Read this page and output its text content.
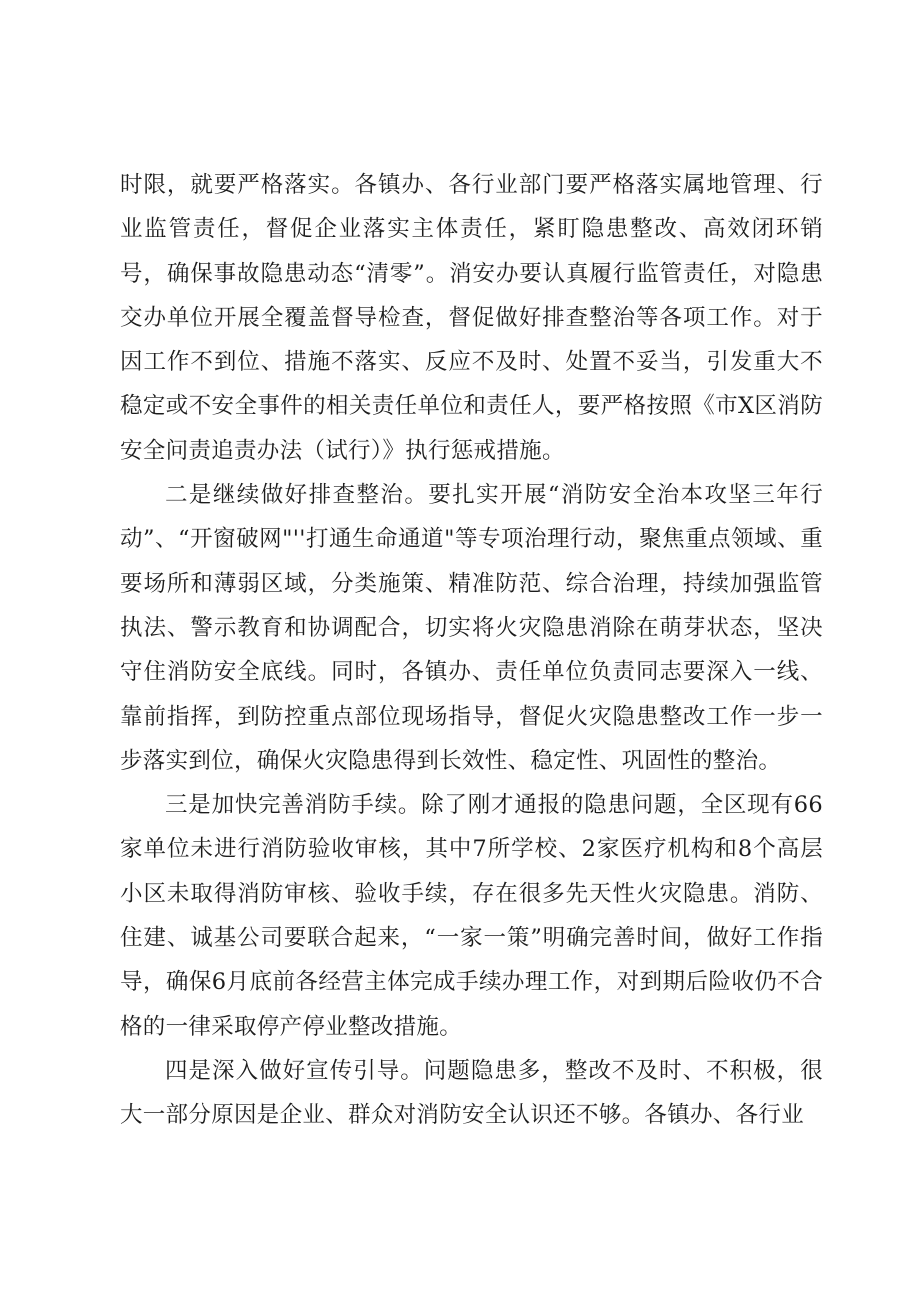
时限，就要严格落实。各镇办、各行业部门要严格落实属地管理、行业监管责任，督促企业落实主体责任，紧盯隐患整改、高效闭环销号，确保事故隐患动态“清零”。消安办要认真履行监管责任，对隐患交办单位开展全覆盖督导检查，督促做好排查整治等各项工作。对于因工作不到位、措施不落实、反应不及时、处置不妥当，引发重大不稳定或不安全事件的相关责任单位和责任人，要严格按照《市X区消防安全问责追责办法（试行）》执行惩戒措施。

二是继续做好排查整治。要扎实开展“消防安全治本攻坚三年行动”、“开窗破网"''打通生命通道"等专项治理行动，聚焦重点领域、重要场所和薄弱区域，分类施策、精准防范、综合治理，持续加强监管执法、警示教育和协调配合，切实将火灾隐患消除在萌芽状态，坚决守住消防安全底线。同时，各镇办、责任单位负责同志要深入一线、靠前指挥，到防控重点部位现场指导，督促火灾隐患整改工作一步一步落实到位，确保火灾隐患得到长效性、稳定性、巩固性的整治。

三是加快完善消防手续。除了刚才通报的隐患问题，全区现有66家单位未进行消防验收审核，其中7所学校、2家医疗机构和8个高层小区未取得消防审核、验收手续，存在很多先天性火灾隐患。消防、住建、诚基公司要联合起来，“一家一策”明确完善时间，做好工作指导，确保6月底前各经营主体完成手续办理工作，对到期后险收仍不合格的一律采取停产停业整改措施。

四是深入做好宣传引导。问题隐患多，整改不及时、不积极，很大一部分原因是企业、群众对消防安全认识还不够。各镇办、各行业
